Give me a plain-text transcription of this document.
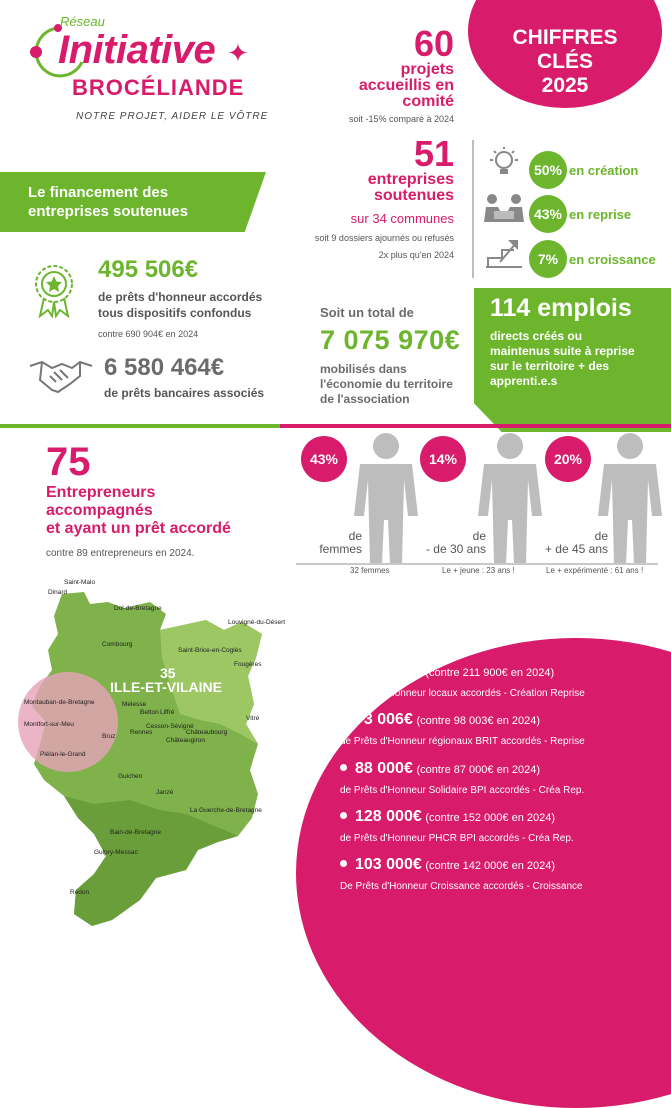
Réseau
Initiative ✦
BROCÉLIANDE
NOTRE PROJET, AIDER LE VÔTRE
CHIFFRES
CLÉS
2025
60
projets
accueillis en
comité
soit -15% comparé à 2024
51
entreprises
soutenues
sur 34 communes
soit 9 dossiers ajournés ou refusés
2x plus qu'en 2024
50% en création
43% en reprise
7% en croissance
Le financement des
entreprises soutenues
495 506€
de prêts d'honneur accordés
tous dispositifs confondus
contre 690 904€ en 2024
6 580 464€
de prêts bancaires associés
Soit un total de
7 075 970€
mobilisés dans
l'économie du territoire
de l'association
114 emplois
directs créés ou
maintenus suite à reprise
sur le territoire + des
apprenti.e.s
75
Entrepreneurs
accompagnés
et ayant un prêt accordé
contre 89 entrepreneurs en 2024.
43%
de
femmes
32 femmes
14%
de
- de 30 ans
Le + jeune : 23 ans !
20%
de
+ de 45 ans
Le + expérimenté : 61 ans !
35
ILLE-ET-VILAINE
Saint-Malo
Dinard
Dol-de-Bretagne
Combourg
Louvigné-du-Désert
Saint-Brice-en-Coglès
Fougères
Montauban-de-Bretagne
Montfort-sur-Meu
Bruz
Plélan-le-Grand
Melesse
Liffré
Betton
Cesson-Sévigné
Rennes	Châteaubourg
Châteaugiron
Vitré
Guichen
Janzé
La Guerche-de-Bretagne
Bain-de-Bretagne
Guipry-Messac
Redon
103 500€ (contre 211 900€ en 2024)
de Prêts d'Honneur locaux accordés - Création Reprise
73 006€ (contre 98 003€ en 2024)
de Prêts d'Honneur régionaux BRIT accordés - Reprise
88 000€ (contre 87 000€ en 2024)
de Prêts d'Honneur Solidaire BPI accordés - Créa Rep.
128 000€ (contre 152 000€ en 2024)
de Prêts d'Honneur PHCR BPI accordés - Créa Rep.
103 000€ (contre 142 000€ en 2024)
De Prêts d'Honneur Croissance accordés - Croissance
